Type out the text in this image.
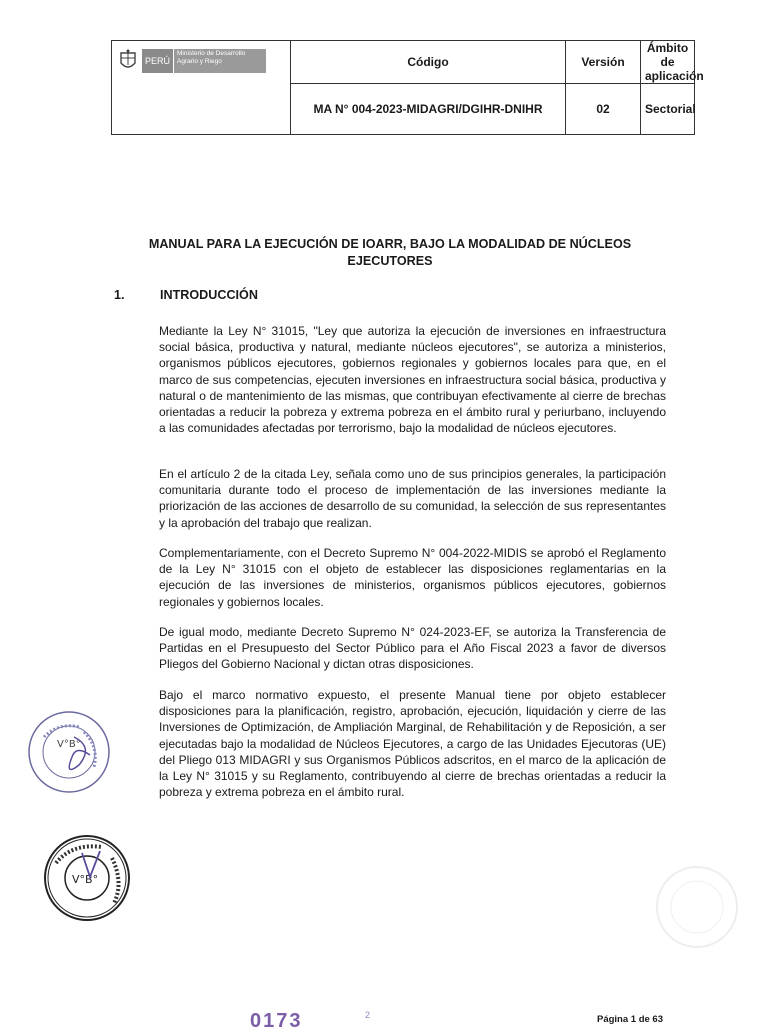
PERÚ
Ministerio de Desarrollo Agrario y Riego	Código	Versión	Ámbito de
aplicación
	MA N° 004-2023-MIDAGRI/DGIHR-DNIHR	02	Sectorial
MANUAL PARA LA EJECUCIÓN DE IOARR, BAJO LA MODALIDAD DE NÚCLEOS
EJECUTORES
1.	INTRODUCCIÓN

Mediante la Ley N° 31015, "Ley que autoriza la ejecución de inversiones en infraestructura social básica, productiva y natural, mediante núcleos ejecutores", se autoriza a ministerios, organismos públicos ejecutores, gobiernos regionales y gobiernos locales para que, en el marco de sus competencias, ejecuten inversiones en infraestructura social básica, productiva y natural o de mantenimiento de las mismas, que contribuyan efectivamente al cierre de brechas orientadas a reducir la pobreza y extrema pobreza en el ámbito rural y periurbano, incluyendo a las comunidades afectadas por terrorismo, bajo la modalidad de núcleos ejecutores.

En el artículo 2 de la citada Ley, señala como uno de sus principios generales, la participación comunitaria durante todo el proceso de implementación de las inversiones mediante la priorización de las acciones de desarrollo de su comunidad, la selección de sus representantes y la aprobación del trabajo que realizan.

Complementariamente, con el Decreto Supremo N° 004-2022-MIDIS se aprobó el Reglamento de la Ley N° 31015 con el objeto de establecer las disposiciones reglamentarias en la ejecución de las inversiones de ministerios, organismos públicos ejecutores, gobiernos regionales y gobiernos locales.

De igual modo, mediante Decreto Supremo N° 024-2023-EF, se autoriza la Transferencia de Partidas en el Presupuesto del Sector Público para el Año Fiscal 2023 a favor de diversos Pliegos del Gobierno Nacional y dictan otras disposiciones.

Bajo el marco normativo expuesto, el presente Manual tiene por objeto establecer disposiciones para la planificación, registro, aprobación, ejecución, liquidación y cierre de las Inversiones de Optimización, de Ampliación Marginal, de Rehabilitación y de Reposición, a ser ejecutadas bajo la modalidad de Núcleos Ejecutores, a cargo de las Unidades Ejecutoras (UE) del Pliego 013 MIDAGRI y sus Organismos Públicos adscritos, en el marco de la aplicación de la Ley N° 31015 y su Reglamento, contribuyendo al cierre de brechas orientadas a reducir la pobreza y extrema pobreza en el ámbito rural.

V°B°
V°B°
0173	2	Página 1 de 63
